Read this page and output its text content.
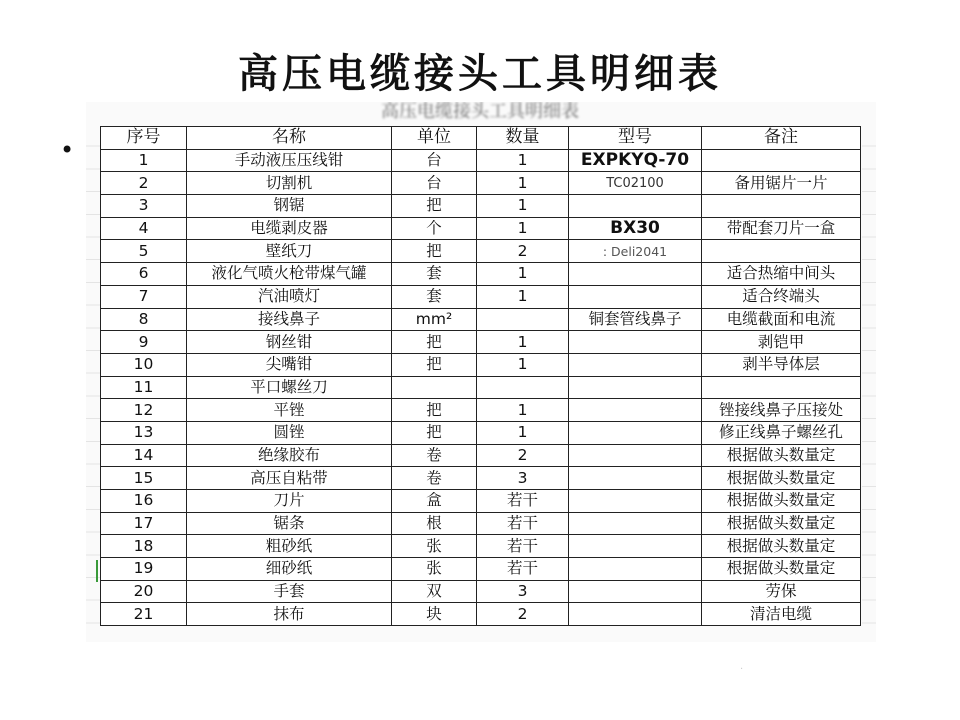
高压电缆接头工具明细表
•
高压电缆接头工具明细表
序号	名称	单位	数量	型号	备注
1	手动液压压线钳	台	1	EXPKYQ-70	
2	切割机	台	1	TC02100	备用锯片一片
3	钢锯	把	1		
4	电缆剥皮器	个	1	BX30	带配套刀片一盒
5	壁纸刀	把	2	: Deli2041	
6	液化气喷火枪带煤气罐	套	1		适合热缩中间头
7	汽油喷灯	套	1		适合终端头
8	接线鼻子	mm²		铜套管线鼻子	电缆截面和电流
9	钢丝钳	把	1		剥铠甲
10	尖嘴钳	把	1		剥半导体层
11	平口螺丝刀				
12	平锉	把	1		锉接线鼻子压接处
13	圆锉	把	1		修正线鼻子螺丝孔
14	绝缘胶布	卷	2		根据做头数量定
15	高压自粘带	卷	3		根据做头数量定
16	刀片	盒	若干		根据做头数量定
17	锯条	根	若干		根据做头数量定
18	粗砂纸	张	若干		根据做头数量定
19	细砂纸	张	若干		根据做头数量定
20	手套	双	3		劳保
21	抹布	块	2		清洁电缆
·
